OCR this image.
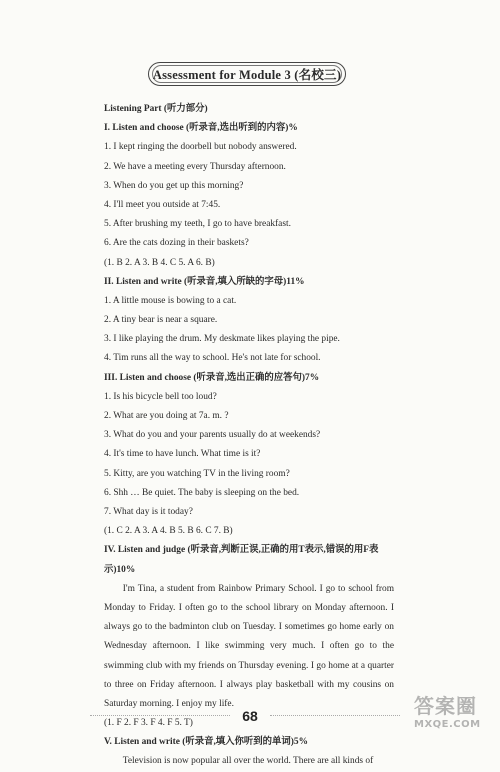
Assessment for Module 3 (名校三)
Listening Part (听力部分)
I. Listen and choose (听录音,选出听到的内容)%
1. I kept ringing the doorbell but nobody answered.
2. We have a meeting every Thursday afternoon.
3. When do you get up this morning?
4. I'll meet you outside at 7:45.
5. After brushing my teeth, I go to have breakfast.
6. Are the cats dozing in their baskets?
(1. B 2. A 3. B 4. C 5. A 6. B)
II. Listen and write (听录音,填入所缺的字母)11%
1. A little mouse is bowing to a cat.
2. A tiny bear is near a square.
3. I like playing the drum. My deskmate likes playing the pipe.
4. Tim runs all the way to school. He's not late for school.
III. Listen and choose (听录音,选出正确的应答句)7%
1. Is his bicycle bell too loud?
2. What are you doing at 7a. m. ?
3. What do you and your parents usually do at weekends?
4. It's time to have lunch. What time is it?
5. Kitty, are you watching TV in the living room?
6. Shh … Be quiet. The baby is sleeping on the bed.
7. What day is it today?
(1. C 2. A 3. A 4. B 5. B 6. C 7. B)
IV. Listen and judge (听录音,判断正误,正确的用T表示,错误的用F表
示)10%
I'm Tina, a student from Rainbow Primary School. I go to school from Monday to Friday. I often go to the school library on Monday afternoon. I always go to the badminton club on Tuesday. I sometimes go home early on Wednesday afternoon. I like swimming very much. I often go to the swimming club with my friends on Thursday evening. I go home at a quarter to three on Friday afternoon. I always play basketball with my cousins on Saturday morning. I enjoy my life.
(1. F 2. F 3. F 4. F 5. T)
V. Listen and write (听录音,填入你听到的单词)5%
Television is now popular all over the world. There are all kinds of
68	答案圈
MXQE.COM
